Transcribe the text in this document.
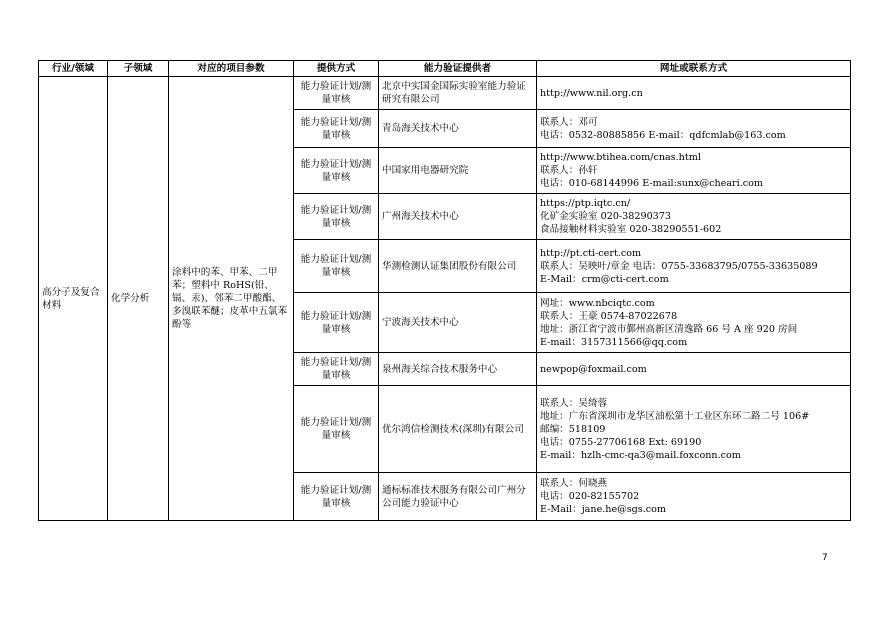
行业/领域	子领域	对应的项目参数	提供方式	能力验证提供者	网址或联系方式
高分子及复合材料	化学分析	涂料中的苯、甲苯、二甲苯；塑料中 RoHS(铅、镉、汞)、邻苯二甲酸酯、多溴联苯醚；皮革中五氯苯酚等	能力验证计划/测量审核	北京中实国金国际实验室能力验证研究有限公司	http://www.nil.org.cn

			能力验证计划/测量审核	青岛海关技术中心	联系人：邓可
电话：0532-80885856 E-mail：qdfcmlab@163.com

			能力验证计划/测量审核	中国家用电器研究院	http://www.btihea.com/cnas.html
联系人：孙轩
电话：010-68144996 E-mail:sunx@cheari.com

			能力验证计划/测量审核	广州海关技术中心	https://ptp.iqtc.cn/
化矿金实验室 020-38290373
食品接触材料实验室 020-38290551-602

			能力验证计划/测量审核	华测检测认证集团股份有限公司	http://pt.cti-cert.com
联系人：吴映叶/章金 电话：0755-33683795/0755-33635089
E-Mail：crm@cti-cert.com

			能力验证计划/测量审核	宁波海关技术中心	网址：www.nbciqtc.com
联系人：王豪 0574-87022678
地址：浙江省宁波市鄞州高新区清逸路 66 号 A 座 920 房间
E-mail：3157311566@qq.com

			能力验证计划/测量审核	泉州海关综合技术服务中心	newpop@foxmail.com

			能力验证计划/测量审核	优尔鸿信检测技术(深圳)有限公司	联系人：吴绮蓉
地址：广东省深圳市龙华区油松第十工业区东环二路二号 106#
邮编：518109
电话：0755-27706168 Ext: 69190
E-mail：hzlh-cmc-qa3@mail.foxconn.com

			能力验证计划/测量审核	通标标准技术服务有限公司广州分公司能力验证中心	联系人：何晓燕
电话：020-82155702
E-Mail：jane.he@sgs.com
7
